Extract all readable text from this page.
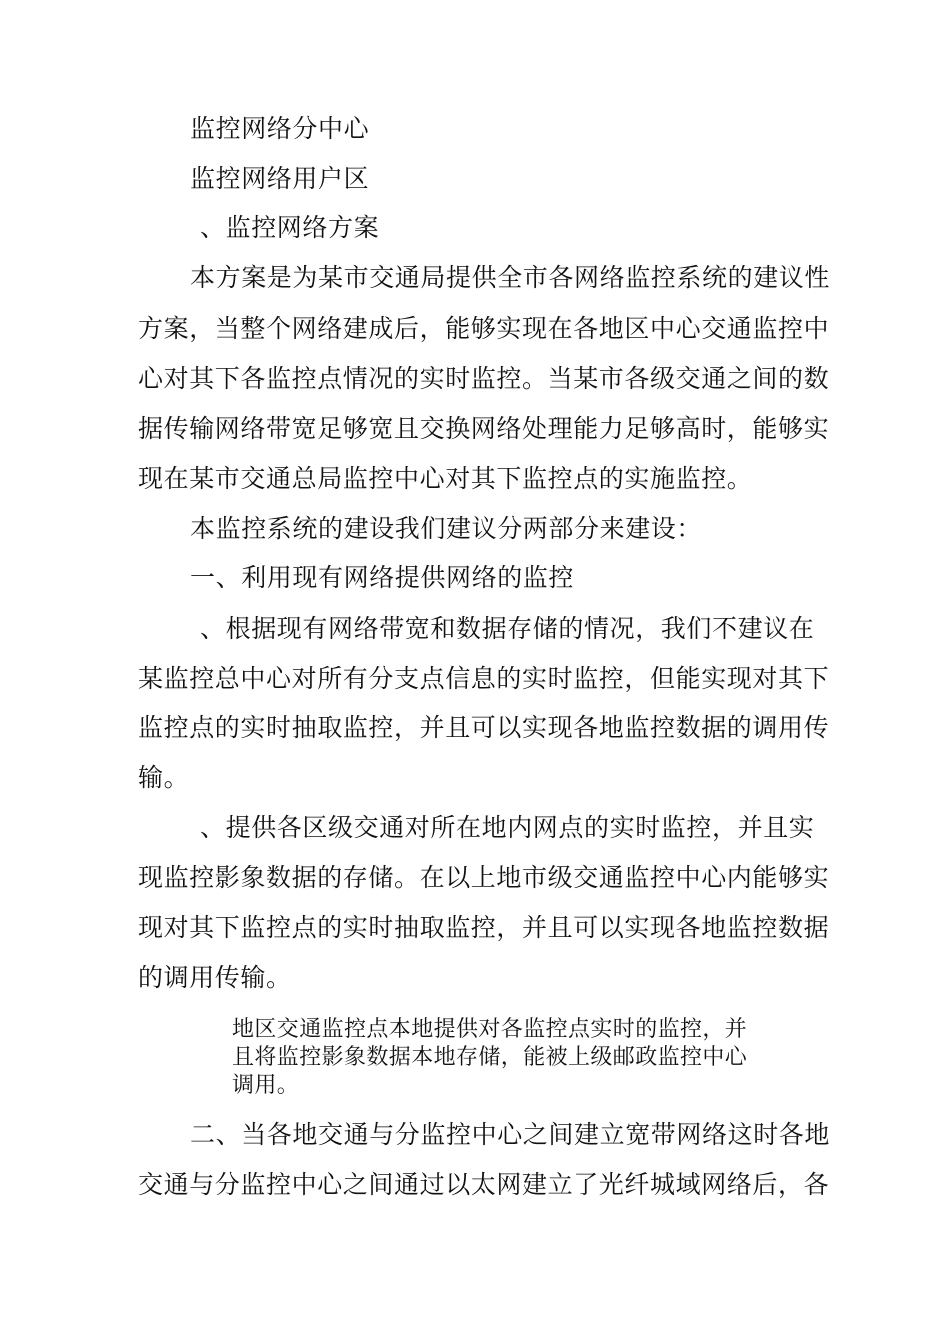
监控网络分中心
监控网络用户区
、监控网络方案
本方案是为某市交通局提供全市各网络监控系统的建议性
方案，当整个网络建成后，能够实现在各地区中心交通监控中
心对其下各监控点情况的实时监控。当某市各级交通之间的数
据传输网络带宽足够宽且交换网络处理能力足够高时，能够实
现在某市交通总局监控中心对其下监控点的实施监控。
本监控系统的建设我们建议分两部分来建设：
一、利用现有网络提供网络的监控
、根据现有网络带宽和数据存储的情况，我们不建议在
某监控总中心对所有分支点信息的实时监控，但能实现对其下
监控点的实时抽取监控，并且可以实现各地监控数据的调用传
输。
、提供各区级交通对所在地内网点的实时监控，并且实
现监控影象数据的存储。在以上地市级交通监控中心内能够实
现对其下监控点的实时抽取监控，并且可以实现各地监控数据
的调用传输。
地区交通监控点本地提供对各监控点实时的监控，并
且将监控影象数据本地存储，能被上级邮政监控中心
调用。
二、当各地交通与分监控中心之间建立宽带网络这时各地
交通与分监控中心之间通过以太网建立了光纤城域网络后，各
